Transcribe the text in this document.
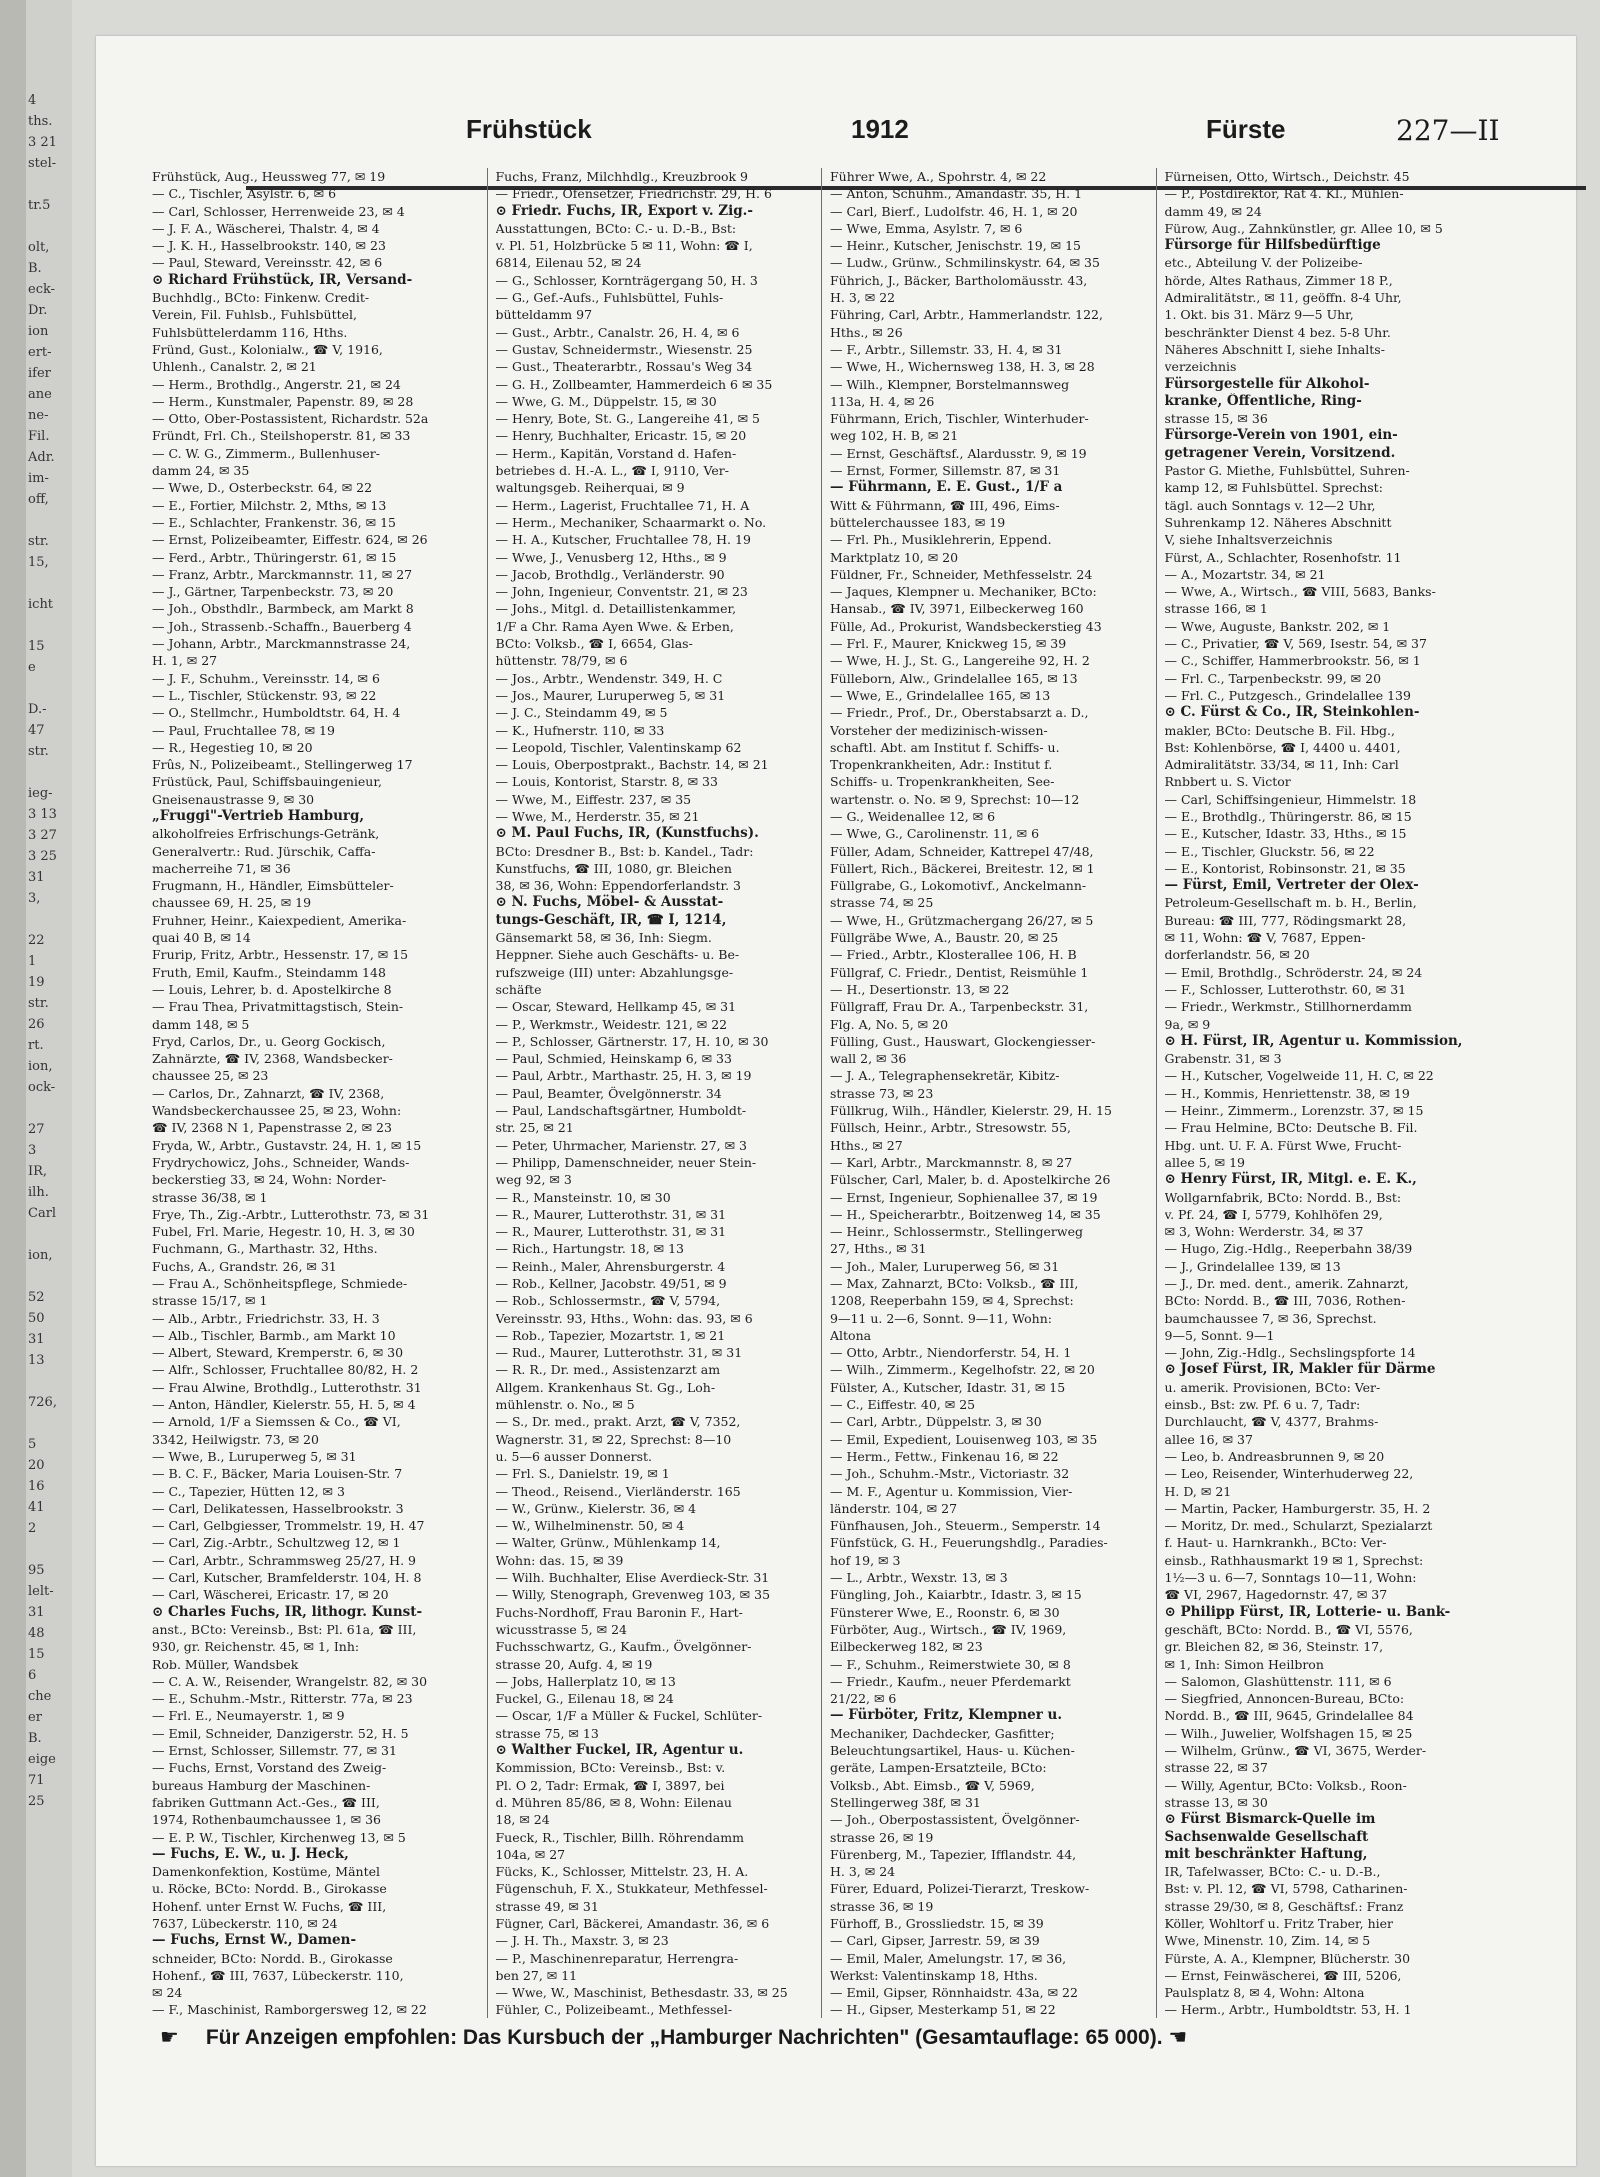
4
ths.
3 21
stel-

tr.5

olt,
B.
eck-
Dr.
ion
ert-
ifer
ane
ne-
Fil.
Adr.
im-
off,

str.
15,

icht

15
e

D.-
47
str.

ieg-
3 13
3 27
3 25
31
3,

22
1
19
str.
26
rt.
ion,
ock-

27
3
IR,
ilh.
Carl

ion,

52
50
31
13

726,

5
20
16
41
2

95
lelt-
31
48
15
6
che
er
B.
eige
71
25
Frühstück	1912	Fürste	227—II
Frühstück, Aug., Heussweg 77, ✉ 19
— C., Tischler, Asylstr. 6, ✉ 6
— Carl, Schlosser, Herrenweide 23, ✉ 4
— J. F. A., Wäscherei, Thalstr. 4, ✉ 4
— J. K. H., Hasselbrookstr. 140, ✉ 23
— Paul, Steward, Vereinsstr. 42, ✉ 6
⊙ Richard Frühstück, IR, Versand-
Buchhdlg., BCto: Finkenw. Credit-
Verein, Fil. Fuhlsb., Fuhlsbüttel,
Fuhlsbüttelerdamm 116, Hths.
Fründ, Gust., Kolonialw., ☎ V, 1916,
Uhlenh., Canalstr. 2, ✉ 21
— Herm., Brothdlg., Angerstr. 21, ✉ 24
— Herm., Kunstmaler, Papenstr. 89, ✉ 28
— Otto, Ober-Postassistent, Richardstr. 52a
Fründt, Frl. Ch., Steilshoperstr. 81, ✉ 33
— C. W. G., Zimmerm., Bullenhuser-
damm 24, ✉ 35
— Wwe, D., Osterbeckstr. 64, ✉ 22
— E., Fortier, Milchstr. 2, Mths, ✉ 13
— E., Schlachter, Frankenstr. 36, ✉ 15
— Ernst, Polizeibeamter, Eiffestr. 624, ✉ 26
— Ferd., Arbtr., Thüringerstr. 61, ✉ 15
— Franz, Arbtr., Marckmannstr. 11, ✉ 27
— J., Gärtner, Tarpenbeckstr. 73, ✉ 20
— Joh., Obsthdlr., Barmbeck, am Markt 8
— Joh., Strassenb.-Schaffn., Bauerberg 4
— Johann, Arbtr., Marckmannstrasse 24,
H. 1, ✉ 27
— J. F., Schuhm., Vereinsstr. 14, ✉ 6
— L., Tischler, Stückenstr. 93, ✉ 22
— O., Stellmchr., Humboldtstr. 64, H. 4
— Paul, Fruchtallee 78, ✉ 19
— R., Hegestieg 10, ✉ 20
Frûs, N., Polizeibeamt., Stellingerweg 17
Früstück, Paul, Schiffsbauingenieur,
Gneisenaustrasse 9, ✉ 30
„Fruggi"-Vertrieb Hamburg,
alkoholfreies Erfrischungs-Getränk,
Generalvertr.: Rud. Jürschik, Caffa-
macherreihe 71, ✉ 36
Frugmann, H., Händler, Eimsbütteler-
chaussee 69, H. 25, ✉ 19
Fruhner, Heinr., Kaiexpedient, Amerika-
quai 40 B, ✉ 14
Frurip, Fritz, Arbtr., Hessenstr. 17, ✉ 15
Fruth, Emil, Kaufm., Steindamm 148
— Louis, Lehrer, b. d. Apostelkirche 8
— Frau Thea, Privatmittagstisch, Stein-
damm 148, ✉ 5
Fryd, Carlos, Dr., u. Georg Gockisch,
Zahnärzte, ☎ IV, 2368, Wandsbecker-
chaussee 25, ✉ 23
— Carlos, Dr., Zahnarzt, ☎ IV, 2368,
Wandsbeckerchaussee 25, ✉ 23, Wohn:
☎ IV, 2368 N 1, Papenstrasse 2, ✉ 23
Fryda, W., Arbtr., Gustavstr. 24, H. 1, ✉ 15
Frydrychowicz, Johs., Schneider, Wands-
beckerstieg 33, ✉ 24, Wohn: Norder-
strasse 36/38, ✉ 1
Frye, Th., Zig.-Arbtr., Lutterothstr. 73, ✉ 31
Fubel, Frl. Marie, Hegestr. 10, H. 3, ✉ 30
Fuchmann, G., Marthastr. 32, Hths.
Fuchs, A., Grandstr. 26, ✉ 31
— Frau A., Schönheitspflege, Schmiede-
strasse 15/17, ✉ 1
— Alb., Arbtr., Friedrichstr. 33, H. 3
— Alb., Tischler, Barmb., am Markt 10
— Albert, Steward, Kremperstr. 6, ✉ 30
— Alfr., Schlosser, Fruchtallee 80/82, H. 2
— Frau Alwine, Brothdlg., Lutterothstr. 31
— Anton, Händler, Kielerstr. 55, H. 5, ✉ 4
— Arnold, 1/F a Siemssen & Co., ☎ VI,
3342, Heilwigstr. 73, ✉ 20
— Wwe, B., Luruperweg 5, ✉ 31
— B. C. F., Bäcker, Maria Louisen-Str. 7
— C., Tapezier, Hütten 12, ✉ 3
— Carl, Delikatessen, Hasselbrookstr. 3
— Carl, Gelbgiesser, Trommelstr. 19, H. 47
— Carl, Zig.-Arbtr., Schultzweg 12, ✉ 1
— Carl, Arbtr., Schrammsweg 25/27, H. 9
— Carl, Kutscher, Bramfelderstr. 104, H. 8
— Carl, Wäscherei, Ericastr. 17, ✉ 20
⊙ Charles Fuchs, IR, lithogr. Kunst-
anst., BCto: Vereinsb., Bst: Pl. 61a, ☎ III,
930, gr. Reichenstr. 45, ✉ 1, Inh:
Rob. Müller, Wandsbek
— C. A. W., Reisender, Wrangelstr. 82, ✉ 30
— E., Schuhm.-Mstr., Ritterstr. 77a, ✉ 23
— Frl. E., Neumayerstr. 1, ✉ 9
— Emil, Schneider, Danzigerstr. 52, H. 5
— Ernst, Schlosser, Sillemstr. 77, ✉ 31
— Fuchs, Ernst, Vorstand des Zweig-
bureaus Hamburg der Maschinen-
fabriken Guttmann Act.-Ges., ☎ III,
1974, Rothenbaumchaussee 1, ✉ 36
— E. P. W., Tischler, Kirchenweg 13, ✉ 5
— Fuchs, E. W., u. J. Heck,
Damenkonfektion, Kostüme, Mäntel
u. Röcke, BCto: Nordd. B., Girokasse
Hohenf. unter Ernst W. Fuchs, ☎ III,
7637, Lübeckerstr. 110, ✉ 24
— Fuchs, Ernst W., Damen-
schneider, BCto: Nordd. B., Girokasse
Hohenf., ☎ III, 7637, Lübeckerstr. 110,
✉ 24
— F., Maschinist, Ramborgersweg 12, ✉ 22
Fuchs, Franz, Milchhdlg., Kreuzbrook 9
— Friedr., Ofensetzer, Friedrichstr. 29, H. 6
⊙ Friedr. Fuchs, IR, Export v. Zig.-
Ausstattungen, BCto: C.- u. D.-B., Bst:
v. Pl. 51, Holzbrücke 5 ✉ 11, Wohn: ☎ I,
6814, Eilenau 52, ✉ 24
— G., Schlosser, Kornträgergang 50, H. 3
— G., Gef.-Aufs., Fuhlsbüttel, Fuhls-
bütteldamm 97
— Gust., Arbtr., Canalstr. 26, H. 4, ✉ 6
— Gustav, Schneidermstr., Wiesenstr. 25
— Gust., Theaterarbtr., Rossau's Weg 34
— G. H., Zollbeamter, Hammerdeich 6 ✉ 35
— Wwe, G. M., Düppelstr. 15, ✉ 30
— Henry, Bote, St. G., Langereihe 41, ✉ 5
— Henry, Buchhalter, Ericastr. 15, ✉ 20
— Herm., Kapitän, Vorstand d. Hafen-
betriebes d. H.-A. L., ☎ I, 9110, Ver-
waltungsgeb. Reiherquai, ✉ 9
— Herm., Lagerist, Fruchtallee 71, H. A
— Herm., Mechaniker, Schaarmarkt o. No.
— H. A., Kutscher, Fruchtallee 78, H. 19
— Wwe, J., Venusberg 12, Hths., ✉ 9
— Jacob, Brothdlg., Verländerstr. 90
— John, Ingenieur, Conventstr. 21, ✉ 23
— Johs., Mitgl. d. Detaillistenkammer,
1/F a Chr. Rama Ayen Wwe. & Erben,
BCto: Volksb., ☎ I, 6654, Glas-
hüttenstr. 78/79, ✉ 6
— Jos., Arbtr., Wendenstr. 349, H. C
— Jos., Maurer, Luruperweg 5, ✉ 31
— J. C., Steindamm 49, ✉ 5
— K., Hufnerstr. 110, ✉ 33
— Leopold, Tischler, Valentinskamp 62
— Louis, Oberpostprakt., Bachstr. 14, ✉ 21
— Louis, Kontorist, Starstr. 8, ✉ 33
— Wwe, M., Eiffestr. 237, ✉ 35
— Wwe, M., Herderstr. 35, ✉ 21
⊙ M. Paul Fuchs, IR, (Kunstfuchs).
BCto: Dresdner B., Bst: b. Kandel., Tadr:
Kunstfuchs, ☎ III, 1080, gr. Bleichen
38, ✉ 36, Wohn: Eppendorferlandstr. 3
⊙ N. Fuchs, Möbel- & Ausstat-
tungs-Geschäft, IR, ☎ I, 1214,
Gänsemarkt 58, ✉ 36, Inh: Siegm.
Heppner. Siehe auch Geschäfts- u. Be-
rufszweige (III) unter: Abzahlungsge-
schäfte
— Oscar, Steward, Hellkamp 45, ✉ 31
— P., Werkmstr., Weidestr. 121, ✉ 22
— P., Schlosser, Gärtnerstr. 17, H. 10, ✉ 30
— Paul, Schmied, Heinskamp 6, ✉ 33
— Paul, Arbtr., Marthastr. 25, H. 3, ✉ 19
— Paul, Beamter, Övelgönnerstr. 34
— Paul, Landschaftsgärtner, Humboldt-
str. 25, ✉ 21
— Peter, Uhrmacher, Marienstr. 27, ✉ 3
— Philipp, Damenschneider, neuer Stein-
weg 92, ✉ 3
— R., Mansteinstr. 10, ✉ 30
— R., Maurer, Lutterothstr. 31, ✉ 31
— R., Maurer, Lutterothstr. 31, ✉ 31
— Rich., Hartungstr. 18, ✉ 13
— Reinh., Maler, Ahrensburgerstr. 4
— Rob., Kellner, Jacobstr. 49/51, ✉ 9
— Rob., Schlossermstr., ☎ V, 5794,
Vereinsstr. 93, Hths., Wohn: das. 93, ✉ 6
— Rob., Tapezier, Mozartstr. 1, ✉ 21
— Rud., Maurer, Lutterothstr. 31, ✉ 31
— R. R., Dr. med., Assistenzarzt am
Allgem. Krankenhaus St. Gg., Loh-
mühlenstr. o. No., ✉ 5
— S., Dr. med., prakt. Arzt, ☎ V, 7352,
Wagnerstr. 31, ✉ 22, Sprechst: 8—10
u. 5—6 ausser Donnerst.
— Frl. S., Danielstr. 19, ✉ 1
— Theod., Reisend., Vierländerstr. 165
— W., Grünw., Kielerstr. 36, ✉ 4
— W., Wilhelminenstr. 50, ✉ 4
— Walter, Grünw., Mühlenkamp 14,
Wohn: das. 15, ✉ 39
— Wilh. Buchhalter, Elise Averdieck-Str. 31
— Willy, Stenograph, Grevenweg 103, ✉ 35
Fuchs-Nordhoff, Frau Baronin F., Hart-
wicusstrasse 5, ✉ 24
Fuchsschwartz, G., Kaufm., Övelgönner-
strasse 20, Aufg. 4, ✉ 19
— Jobs, Hallerplatz 10, ✉ 13
Fuckel, G., Eilenau 18, ✉ 24
— Oscar, 1/F a Müller & Fuckel, Schlüter-
strasse 75, ✉ 13
⊙ Walther Fuckel, IR, Agentur u.
Kommission, BCto: Vereinsb., Bst: v.
Pl. O 2, Tadr: Ermak, ☎ I, 3897, bei
d. Mühren 85/86, ✉ 8, Wohn: Eilenau
18, ✉ 24
Fueck, R., Tischler, Billh. Röhrendamm
104a, ✉ 27
Fücks, K., Schlosser, Mittelstr. 23, H. A.
Fügenschuh, F. X., Stukkateur, Methfessel-
strasse 49, ✉ 31
Fügner, Carl, Bäckerei, Amandastr. 36, ✉ 6
— J. H. Th., Maxstr. 3, ✉ 23
— P., Maschinenreparatur, Herrengra-
ben 27, ✉ 11
— Wwe, W., Maschinist, Bethesdastr. 33, ✉ 25
Fühler, C., Polizeibeamt., Methfessel-
Führer Wwe, A., Spohrstr. 4, ✉ 22
— Anton, Schuhm., Amandastr. 35, H. 1
— Carl, Bierf., Ludolfstr. 46, H. 1, ✉ 20
— Wwe, Emma, Asylstr. 7, ✉ 6
— Heinr., Kutscher, Jenischstr. 19, ✉ 15
— Ludw., Grünw., Schmilinskystr. 64, ✉ 35
Führich, J., Bäcker, Bartholomäusstr. 43,
H. 3, ✉ 22
Führing, Carl, Arbtr., Hammerlandstr. 122,
Hths., ✉ 26
— F., Arbtr., Sillemstr. 33, H. 4, ✉ 31
— Wwe, H., Wichernsweg 138, H. 3, ✉ 28
— Wilh., Klempner, Borstelmannsweg
113a, H. 4, ✉ 26
Führmann, Erich, Tischler, Winterhuder-
weg 102, H. B, ✉ 21
— Ernst, Geschäftsf., Alardusstr. 9, ✉ 19
— Ernst, Former, Sillemstr. 87, ✉ 31
— Führmann, E. E. Gust., 1/F a
Witt & Führmann, ☎ III, 496, Eims-
büttelerchaussee 183, ✉ 19
— Frl. Ph., Musiklehrerin, Eppend.
Marktplatz 10, ✉ 20
Füldner, Fr., Schneider, Methfesselstr. 24
— Jaques, Klempner u. Mechaniker, BCto:
Hansab., ☎ IV, 3971, Eilbeckerweg 160
Fülle, Ad., Prokurist, Wandsbeckerstieg 43
— Frl. F., Maurer, Knickweg 15, ✉ 39
— Wwe, H. J., St. G., Langereihe 92, H. 2
Fülleborn, Alw., Grindelallee 165, ✉ 13
— Wwe, E., Grindelallee 165, ✉ 13
— Friedr., Prof., Dr., Oberstabsarzt a. D.,
Vorsteher der medizinisch-wissen-
schaftl. Abt. am Institut f. Schiffs- u.
Tropenkrankheiten, Adr.: Institut f.
Schiffs- u. Tropenkrankheiten, See-
wartenstr. o. No. ✉ 9, Sprechst: 10—12
— G., Weidenallee 12, ✉ 6
— Wwe, G., Carolinenstr. 11, ✉ 6
Füller, Adam, Schneider, Kattrepel 47/48,
Füllert, Rich., Bäckerei, Breitestr. 12, ✉ 1
Füllgrabe, G., Lokomotivf., Anckelmann-
strasse 74, ✉ 25
— Wwe, H., Grützmachergang 26/27, ✉ 5
Füllgräbe Wwe, A., Baustr. 20, ✉ 25
— Fried., Arbtr., Klosterallee 106, H. B
Füllgraf, C. Friedr., Dentist, Reismühle 1
— H., Desertionstr. 13, ✉ 22
Füllgraff, Frau Dr. A., Tarpenbeckstr. 31,
Flg. A, No. 5, ✉ 20
Fülling, Gust., Hauswart, Glockengiesser-
wall 2, ✉ 36
— J. A., Telegraphensekretär, Kibitz-
strasse 73, ✉ 23
Füllkrug, Wilh., Händler, Kielerstr. 29, H. 15
Füllsch, Heinr., Arbtr., Stresowstr. 55,
Hths., ✉ 27
— Karl, Arbtr., Marckmannstr. 8, ✉ 27
Fülscher, Carl, Maler, b. d. Apostelkirche 26
— Ernst, Ingenieur, Sophienallee 37, ✉ 19
— H., Speicherarbtr., Boitzenweg 14, ✉ 35
— Heinr., Schlossermstr., Stellingerweg
27, Hths., ✉ 31
— Joh., Maler, Luruperweg 56, ✉ 31
— Max, Zahnarzt, BCto: Volksb., ☎ III,
1208, Reeperbahn 159, ✉ 4, Sprechst:
9—11 u. 2—6, Sonnt. 9—11, Wohn:
Altona
— Otto, Arbtr., Niendorferstr. 54, H. 1
— Wilh., Zimmerm., Kegelhofstr. 22, ✉ 20
Fülster, A., Kutscher, Idastr. 31, ✉ 15
— C., Eiffestr. 40, ✉ 25
— Carl, Arbtr., Düppelstr. 3, ✉ 30
— Emil, Expedient, Louisenweg 103, ✉ 35
— Herm., Fettw., Finkenau 16, ✉ 22
— Joh., Schuhm.-Mstr., Victoriastr. 32
— M. F., Agentur u. Kommission, Vier-
länderstr. 104, ✉ 27
Fünfhausen, Joh., Steuerm., Semperstr. 14
Fünfstück, G. H., Feuerungshdlg., Paradies-
hof 19, ✉ 3
— L., Arbtr., Wexstr. 13, ✉ 3
Füngling, Joh., Kaiarbtr., Idastr. 3, ✉ 15
Fünsterer Wwe, E., Roonstr. 6, ✉ 30
Fürböter, Aug., Wirtsch., ☎ IV, 1969,
Eilbeckerweg 182, ✉ 23
— F., Schuhm., Reimerstwiete 30, ✉ 8
— Friedr., Kaufm., neuer Pferdemarkt
21/22, ✉ 6
— Fürböter, Fritz, Klempner u.
Mechaniker, Dachdecker, Gasfitter;
Beleuchtungsartikel, Haus- u. Küchen-
geräte, Lampen-Ersatzteile, BCto:
Volksb., Abt. Eimsb., ☎ V, 5969,
Stellingerweg 38f, ✉ 31
— Joh., Oberpostassistent, Övelgönner-
strasse 26, ✉ 19
Fürenberg, M., Tapezier, Ifflandstr. 44,
H. 3, ✉ 24
Fürer, Eduard, Polizei-Tierarzt, Treskow-
strasse 36, ✉ 19
Fürhoff, B., Grossliedstr. 15, ✉ 39
— Carl, Gipser, Jarrestr. 59, ✉ 39
— Emil, Maler, Amelungstr. 17, ✉ 36,
Werkst: Valentinskamp 18, Hths.
— Emil, Gipser, Rönnhaidstr. 43a, ✉ 22
— H., Gipser, Mesterkamp 51, ✉ 22
Fürneisen, Otto, Wirtsch., Deichstr. 45
— P., Postdirektor, Rat 4. Kl., Mühlen-
damm 49, ✉ 24
Fürow, Aug., Zahnkünstler, gr. Allee 10, ✉ 5
Fürsorge für Hilfsbedürftige
etc., Abteilung V. der Polizeibe-
hörde, Altes Rathaus, Zimmer 18 P.,
Admiralitätstr., ✉ 11, geöffn. 8-4 Uhr,
1. Okt. bis 31. März 9—5 Uhr,
beschränkter Dienst 4 bez. 5-8 Uhr.
Näheres Abschnitt I, siehe Inhalts-
verzeichnis
Fürsorgestelle für Alkohol-
kranke, Öffentliche, Ring-
strasse 15, ✉ 36
Fürsorge-Verein von 1901, ein-
getragener Verein, Vorsitzend.
Pastor G. Miethe, Fuhlsbüttel, Suhren-
kamp 12, ✉ Fuhlsbüttel. Sprechst:
tägl. auch Sonntags v. 12—2 Uhr,
Suhrenkamp 12. Näheres Abschnitt
V, siehe Inhaltsverzeichnis
Fürst, A., Schlachter, Rosenhofstr. 11
— A., Mozartstr. 34, ✉ 21
— Wwe, A., Wirtsch., ☎ VIII, 5683, Banks-
strasse 166, ✉ 1
— Wwe, Auguste, Bankstr. 202, ✉ 1
— C., Privatier, ☎ V, 569, Isestr. 54, ✉ 37
— C., Schiffer, Hammerbrookstr. 56, ✉ 1
— Frl. C., Tarpenbeckstr. 99, ✉ 20
— Frl. C., Putzgesch., Grindelallee 139
⊙ C. Fürst & Co., IR, Steinkohlen-
makler, BCto: Deutsche B. Fil. Hbg.,
Bst: Kohlenbörse, ☎ I, 4400 u. 4401,
Admiralitätstr. 33/34, ✉ 11, Inh: Carl
Rnbbert u. S. Victor
— Carl, Schiffsingenieur, Himmelstr. 18
— E., Brothdlg., Thüringerstr. 86, ✉ 15
— E., Kutscher, Idastr. 33, Hths., ✉ 15
— E., Tischler, Gluckstr. 56, ✉ 22
— E., Kontorist, Robinsonstr. 21, ✉ 35
— Fürst, Emil, Vertreter der Olex-
Petroleum-Gesellschaft m. b. H., Berlin,
Bureau: ☎ III, 777, Rödingsmarkt 28,
✉ 11, Wohn: ☎ V, 7687, Eppen-
dorferlandstr. 56, ✉ 20
— Emil, Brothdlg., Schröderstr. 24, ✉ 24
— F., Schlosser, Lutterothstr. 60, ✉ 31
— Friedr., Werkmstr., Stillhornerdamm
9a, ✉ 9
⊙ H. Fürst, IR, Agentur u. Kommission,
Grabenstr. 31, ✉ 3
— H., Kutscher, Vogelweide 11, H. C, ✉ 22
— H., Kommis, Henriettenstr. 38, ✉ 19
— Heinr., Zimmerm., Lorenzstr. 37, ✉ 15
— Frau Helmine, BCto: Deutsche B. Fil.
Hbg. unt. U. F. A. Fürst Wwe, Frucht-
allee 5, ✉ 19
⊙ Henry Fürst, IR, Mitgl. e. E. K.,
Wollgarnfabrik, BCto: Nordd. B., Bst:
v. Pf. 24, ☎ I, 5779, Kohlhöfen 29,
✉ 3, Wohn: Werderstr. 34, ✉ 37
— Hugo, Zig.-Hdlg., Reeperbahn 38/39
— J., Grindelallee 139, ✉ 13
— J., Dr. med. dent., amerik. Zahnarzt,
BCto: Nordd. B., ☎ III, 7036, Rothen-
baumchaussee 7, ✉ 36, Sprechst.
9—5, Sonnt. 9—1
— John, Zig.-Hdlg., Sechslingspforte 14
⊙ Josef Fürst, IR, Makler für Därme
u. amerik. Provisionen, BCto: Ver-
einsb., Bst: zw. Pf. 6 u. 7, Tadr:
Durchlaucht, ☎ V, 4377, Brahms-
allee 16, ✉ 37
— Leo, b. Andreasbrunnen 9, ✉ 20
— Leo, Reisender, Winterhuderweg 22,
H. D, ✉ 21
— Martin, Packer, Hamburgerstr. 35, H. 2
— Moritz, Dr. med., Schularzt, Spezialarzt
f. Haut- u. Harnkrankh., BCto: Ver-
einsb., Rathhausmarkt 19 ✉ 1, Sprechst:
1½—3 u. 6—7, Sonntags 10—11, Wohn:
☎ VI, 2967, Hagedornstr. 47, ✉ 37
⊙ Philipp Fürst, IR, Lotterie- u. Bank-
geschäft, BCto: Nordd. B., ☎ VI, 5576,
gr. Bleichen 82, ✉ 36, Steinstr. 17,
✉ 1, Inh: Simon Heilbron
— Salomon, Glashüttenstr. 111, ✉ 6
— Siegfried, Annoncen-Bureau, BCto:
Nordd. B., ☎ III, 9645, Grindelallee 84
— Wilh., Juwelier, Wolfshagen 15, ✉ 25
— Wilhelm, Grünw., ☎ VI, 3675, Werder-
strasse 22, ✉ 37
— Willy, Agentur, BCto: Volksb., Roon-
strasse 13, ✉ 30
⊙ Fürst Bismarck-Quelle im
Sachsenwalde Gesellschaft
mit beschränkter Haftung,
IR, Tafelwasser, BCto: C.- u. D.-B.,
Bst: v. Pl. 12, ☎ VI, 5798, Catharinen-
strasse 29/30, ✉ 8, Geschäftsf.: Franz
Köller, Wohltorf u. Fritz Traber, hier
Wwe, Minenstr. 10, Zim. 14, ✉ 5
Fürste, A. A., Klempner, Blücherstr. 30
— Ernst, Feinwäscherei, ☎ III, 5206,
Paulsplatz 8, ✉ 4, Wohn: Altona
— Herm., Arbtr., Humboldtstr. 53, H. 1
☛ Für Anzeigen empfohlen: Das Kursbuch der „Hamburger Nachrichten" (Gesamtauflage: 65 000). ☚
